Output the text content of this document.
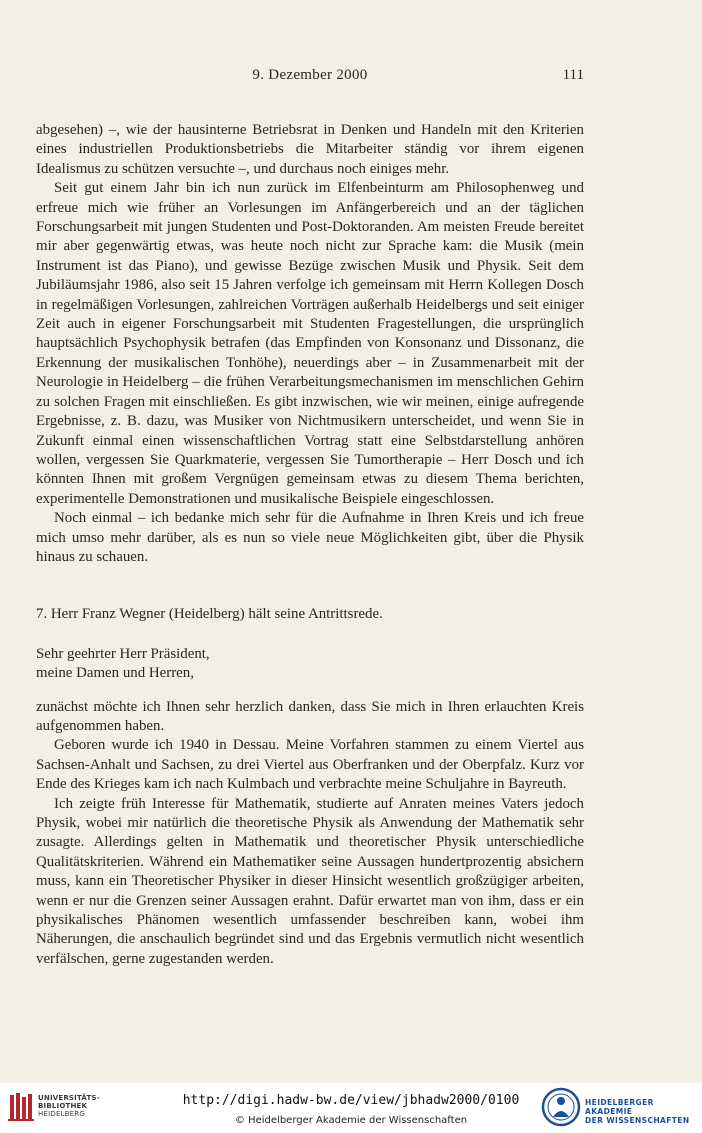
9. Dezember 2000	111

abgesehen) –, wie der hausinterne Betriebsrat in Denken und Handeln mit den Kriterien eines industriellen Produktionsbetriebs die Mitarbeiter ständig vor ihrem eigenen Idealismus zu schützen versuchte –, und durchaus noch einiges mehr.

Seit gut einem Jahr bin ich nun zurück im Elfenbeinturm am Philosophenweg und erfreue mich wie früher an Vorlesungen im Anfängerbereich und an der täglichen Forschungsarbeit mit jungen Studenten und Post-Doktoranden. Am meisten Freude bereitet mir aber gegenwärtig etwas, was heute noch nicht zur Sprache kam: die Musik (mein Instrument ist das Piano), und gewisse Bezüge zwischen Musik und Physik. Seit dem Jubiläumsjahr 1986, also seit 15 Jahren verfolge ich gemeinsam mit Herrn Kollegen Dosch in regelmäßigen Vorlesungen, zahlreichen Vorträgen außerhalb Heidelbergs und seit einiger Zeit auch in eigener Forschungsarbeit mit Studenten Fragestellungen, die ursprünglich hauptsächlich Psychophysik betrafen (das Empfinden von Konsonanz und Dissonanz, die Erkennung der musikalischen Tonhöhe), neuerdings aber – in Zusammenarbeit mit der Neurologie in Heidelberg – die frühen Verarbeitungsmechanismen im menschlichen Gehirn zu solchen Fragen mit einschließen. Es gibt inzwischen, wie wir meinen, einige aufregende Ergebnisse, z. B. dazu, was Musiker von Nichtmusikern unterscheidet, und wenn Sie in Zukunft einmal einen wissenschaftlichen Vortrag statt eine Selbstdarstellung anhören wollen, vergessen Sie Quarkmaterie, vergessen Sie Tumortherapie – Herr Dosch und ich könnten Ihnen mit großem Vergnügen gemeinsam etwas zu diesem Thema berichten, experimentelle Demonstrationen und musikalische Beispiele eingeschlossen.

Noch einmal – ich bedanke mich sehr für die Aufnahme in Ihren Kreis und ich freue mich umso mehr darüber, als es nun so viele neue Möglichkeiten gibt, über die Physik hinaus zu schauen.

7. Herr Franz Wegner (Heidelberg) hält seine Antrittsrede.

Sehr geehrter Herr Präsident,

meine Damen und Herren,

zunächst möchte ich Ihnen sehr herzlich danken, dass Sie mich in Ihren erlauchten Kreis aufgenommen haben.

Geboren wurde ich 1940 in Dessau. Meine Vorfahren stammen zu einem Viertel aus Sachsen-Anhalt und Sachsen, zu drei Viertel aus Oberfranken und der Oberpfalz. Kurz vor Ende des Krieges kam ich nach Kulmbach und verbrachte meine Schuljahre in Bayreuth.

Ich zeigte früh Interesse für Mathematik, studierte auf Anraten meines Vaters jedoch Physik, wobei mir natürlich die theoretische Physik als Anwendung der Mathematik sehr zusagte. Allerdings gelten in Mathematik und theoretischer Physik unterschiedliche Qualitätskriterien. Während ein Mathematiker seine Aussagen hundertprozentig absichern muss, kann ein Theoretischer Physiker in dieser Hinsicht wesentlich großzügiger arbeiten, wenn er nur die Grenzen seiner Aussagen erahnt. Dafür erwartet man von ihm, dass er ein physikalisches Phänomen wesentlich umfassender beschreiben kann, wobei ihm Näherungen, die anschaulich begründet sind und das Ergebnis vermutlich nicht wesentlich verfälschen, gerne zugestanden werden.

UNIVERSITÄTS-
BIBLIOTHEK
HEIDELBERG
http://digi.hadw-bw.de/view/jbhadw2000/0100
© Heidelberger Akademie der Wissenschaften
HEIDELBERGER AKADEMIE
DER WISSENSCHAFTEN
